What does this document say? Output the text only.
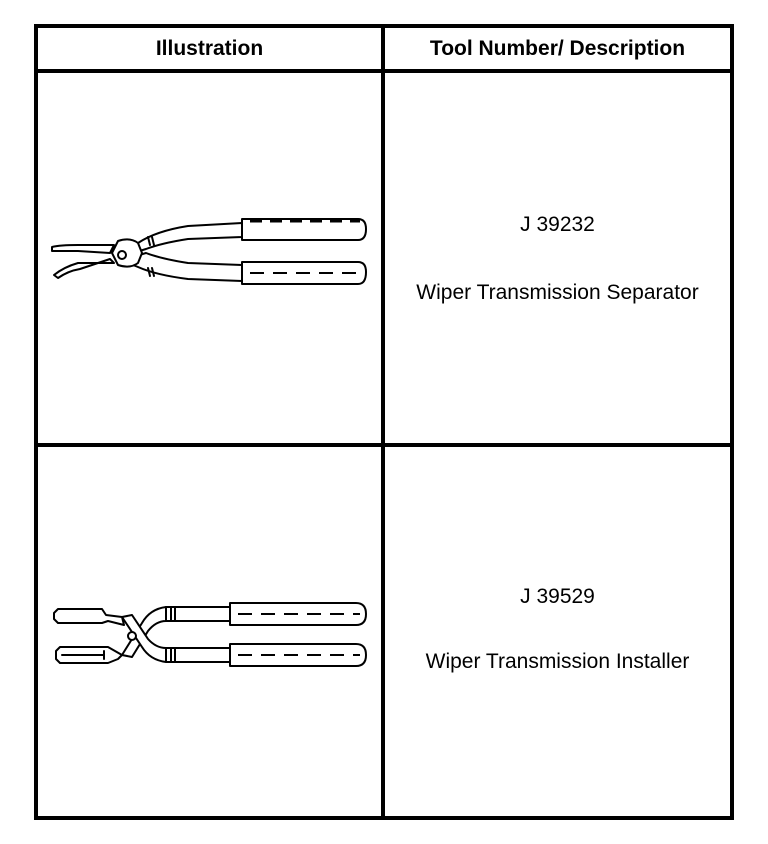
Illustration	Tool Number/ Description
J 39232
Wiper Transmission Separator
J 39529
Wiper Transmission Installer
